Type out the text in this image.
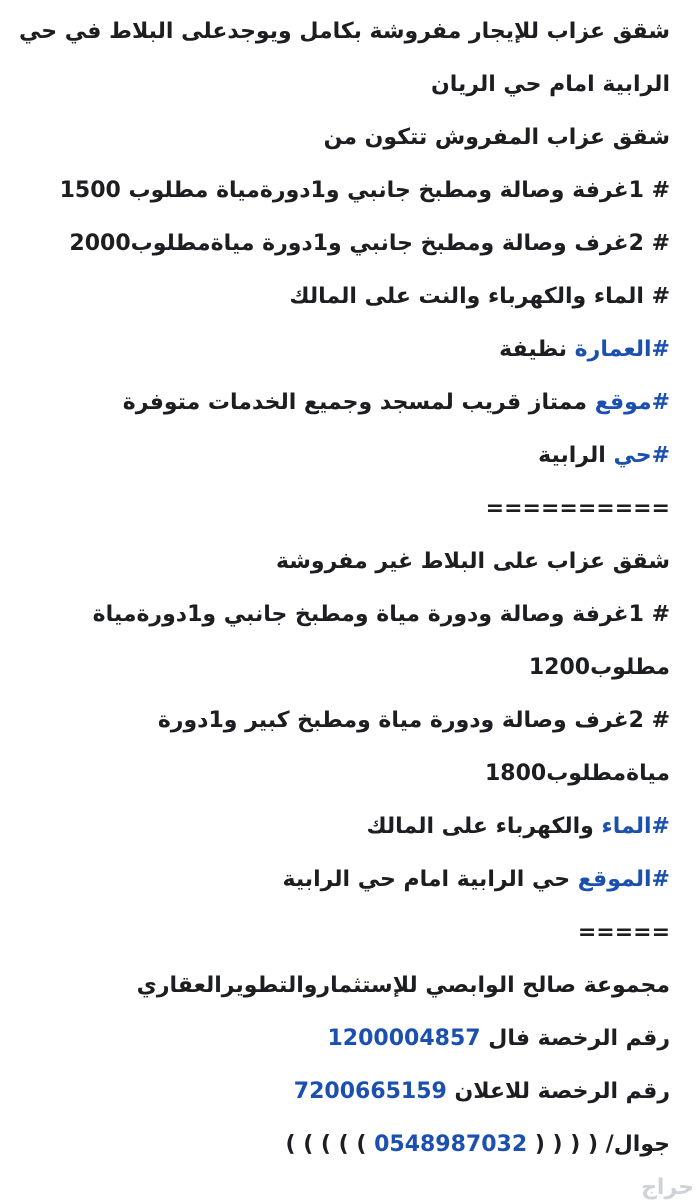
شقق عزاب للإيجار مفروشة بكامل ويوجدعلى البلاط في حي
الرابية امام حي الريان
شقق عزاب المفروش تتكون من
# 1غرفة وصالة ومطبخ جانبي و1دورةمياة مطلوب 1500
# 2غرف وصالة ومطبخ جانبي و1دورة مياةمطلوب2000
# الماء والكهرباء والنت على المالك
#العمارة نظيفة
#موقع ممتاز قريب لمسجد وجميع الخدمات متوفرة
#حي الرابية
==========
شقق عزاب على البلاط غير مفروشة
# 1غرفة وصالة ودورة مياة ومطبخ جانبي و1دورةمياة
مطلوب1200
# 2غرف وصالة ودورة مياة ومطبخ كبير و1دورة
مياةمطلوب1800
#الماء والكهرباء على المالك
#الموقع حي الرابية امام حي الرابية
=====
مجموعة صالح الوابصي للإستثماروالتطويرالعقاري
رقم الرخصة فال 1200004857
رقم الرخصة للاعلان 7200665159
جوال/ ( ( ( ( 0548987032 ) ) ) ) )
حراج
